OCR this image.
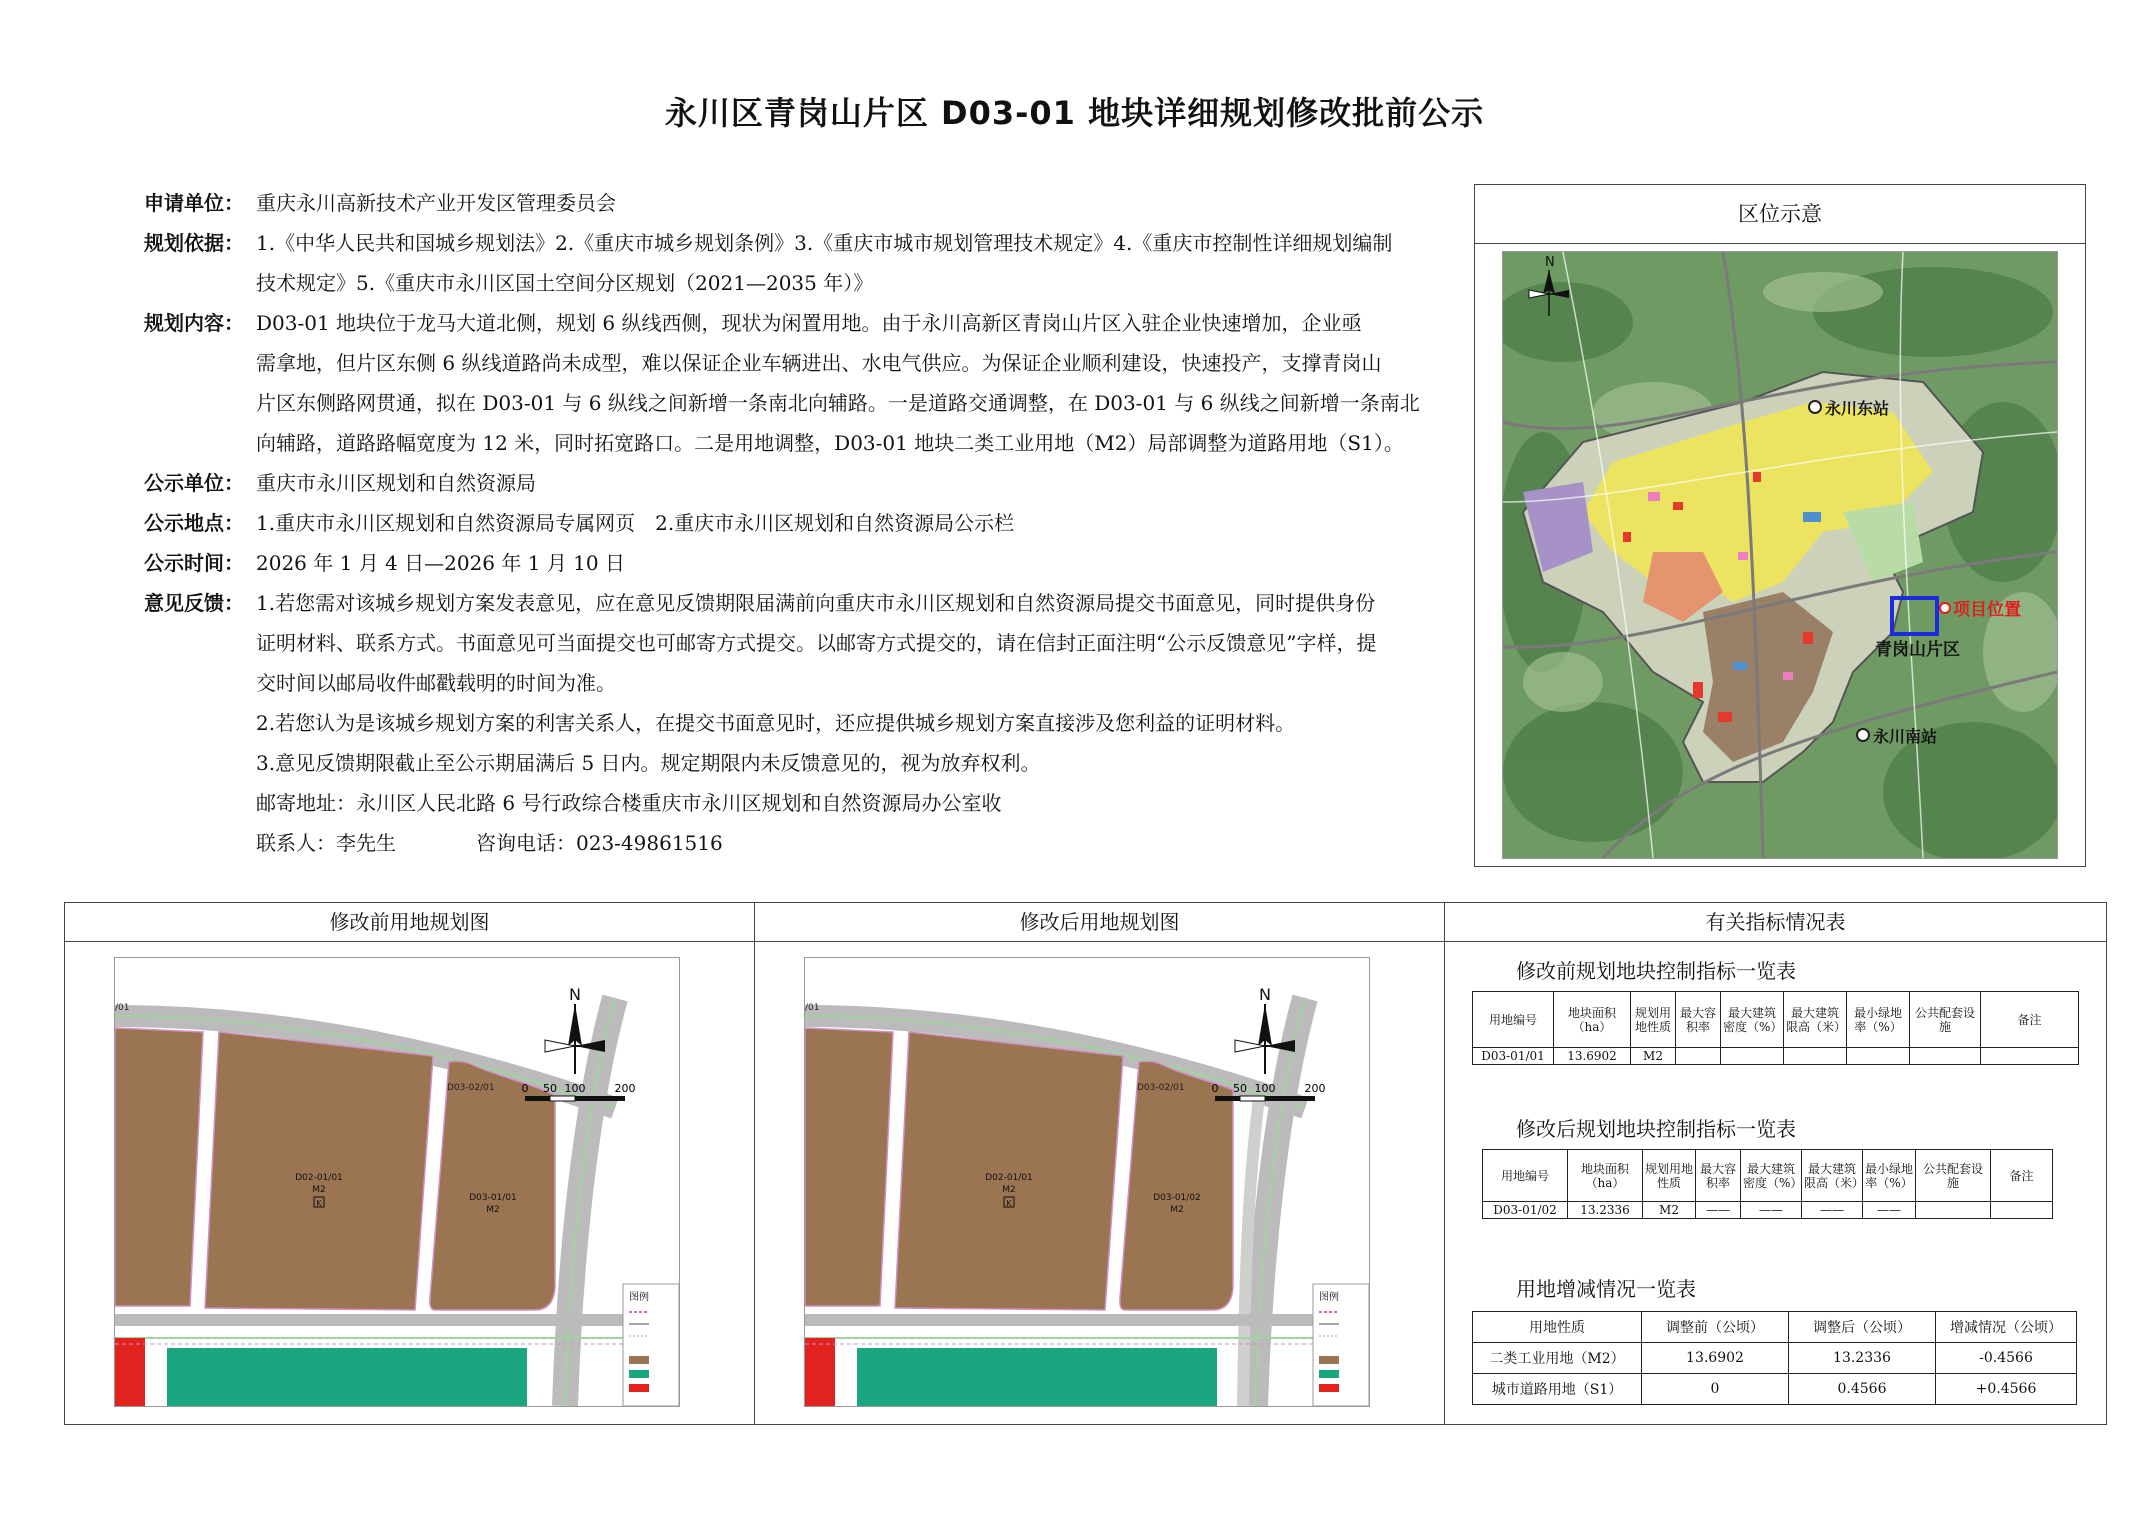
永川区青岗山片区 D03-01 地块详细规划修改批前公示
申请单位： 重庆永川高新技术产业开发区管理委员会
规划依据： 1.《中华人民共和国城乡规划法》2.《重庆市城乡规划条例》3.《重庆市城市规划管理技术规定》4.《重庆市控制性详细规划编制
技术规定》5.《重庆市永川区国土空间分区规划（2021—2035 年）》
规划内容： D03-01 地块位于龙马大道北侧，规划 6 纵线西侧，现状为闲置用地。由于永川高新区青岗山片区入驻企业快速增加，企业亟
需拿地，但片区东侧 6 纵线道路尚未成型，难以保证企业车辆进出、水电气供应。为保证企业顺利建设，快速投产，支撑青岗山
片区东侧路网贯通，拟在 D03-01 与 6 纵线之间新增一条南北向辅路。一是道路交通调整，在 D03-01 与 6 纵线之间新增一条南北
向辅路，道路路幅宽度为 12 米，同时拓宽路口。二是用地调整，D03-01 地块二类工业用地（M2）局部调整为道路用地（S1）。
公示单位： 重庆市永川区规划和自然资源局
公示地点： 1.重庆市永川区规划和自然资源局专属网页 2.重庆市永川区规划和自然资源局公示栏
公示时间： 2026 年 1 月 4 日—2026 年 1 月 10 日
意见反馈： 1.若您需对该城乡规划方案发表意见，应在意见反馈期限届满前向重庆市永川区规划和自然资源局提交书面意见，同时提供身份
证明材料、联系方式。书面意见可当面提交也可邮寄方式提交。以邮寄方式提交的，请在信封正面注明“公示反馈意见”字样，提
交时间以邮局收件邮戳载明的时间为准。
2.若您认为是该城乡规划方案的利害关系人，在提交书面意见时，还应提供城乡规划方案直接涉及您利益的证明材料。
3.意见反馈期限截止至公示期届满后 5 日内。规定期限内未反馈意见的，视为放弃权利。
邮寄地址：永川区人民北路 6 号行政综合楼重庆市永川区规划和自然资源局办公室收
联系人：李先生	咨询电话：023-49861516
区位示意
永川东站
永川南站
项目位置
青岗山片区
N
修改前用地规划图
/01
D02-01/01
M2
K
D03-01/01
M2
D03-02/01
N
0 50 100	200
图例
修改后用地规划图
/01
D02-01/01
M2
K
D03-01/02
M2
D03-02/01
N
0 50 100	200
图例
有关指标情况表
修改前规划地块控制指标一览表
用地编号	地块面积（ha）	规划用地性质	最大容积率	最大建筑密度（%）	最大建筑限高（米）	最小绿地率（%）	公共配套设施	备注
D03-01/01	13.6902	M2						
修改后规划地块控制指标一览表
用地编号	地块面积（ha）	规划用地性质	最大容积率	最大建筑密度（%）	最大建筑限高（米）	最小绿地率（%）	公共配套设施	备注
D03-01/02	13.2336	M2	——	——	——	——		
用地增减情况一览表
用地性质	调整前（公顷）	调整后（公顷）	增减情况（公顷）
二类工业用地（M2）	13.6902	13.2336	-0.4566
城市道路用地（S1）	0	0.4566	+0.4566
